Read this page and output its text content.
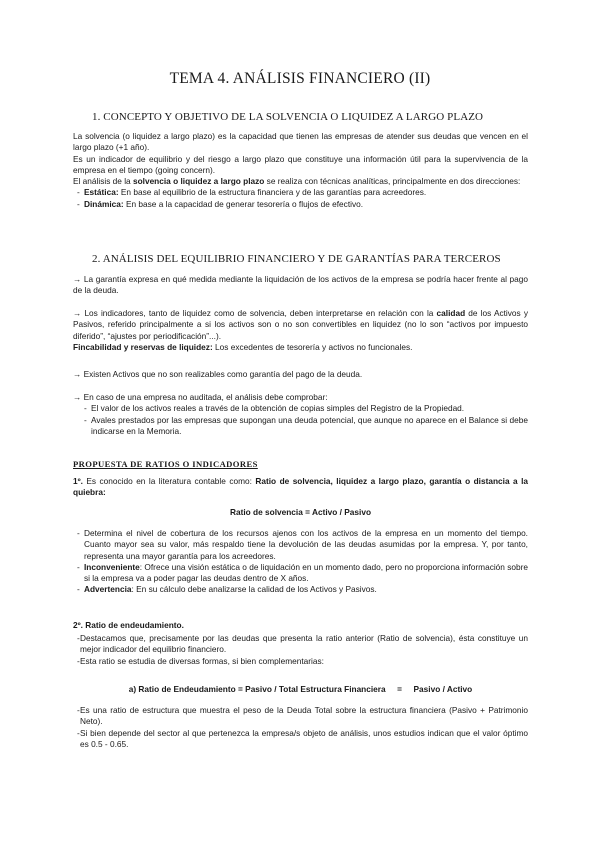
TEMA 4. ANÁLISIS FINANCIERO (II)
1. CONCEPTO Y OBJETIVO DE LA SOLVENCIA O LIQUIDEZ A LARGO PLAZO
La solvencia (o liquidez a largo plazo) es la capacidad que tienen las empresas de atender sus deudas que vencen en el largo plazo (+1 año).
Es un indicador de equilibrio y del riesgo a largo plazo que constituye una información útil para la supervivencia de la empresa en el tiempo (going concern).
El análisis de la solvencia o liquidez a largo plazo se realiza con técnicas analíticas, principalmente en dos direcciones:
- Estática: En base al equilibrio de la estructura financiera y de las garantías para acreedores.
- Dinámica: En base a la capacidad de generar tesorería o flujos de efectivo.
2. ANÁLISIS DEL EQUILIBRIO FINANCIERO Y DE GARANTÍAS PARA TERCEROS
→ La garantía expresa en qué medida mediante la liquidación de los activos de la empresa se podría hacer frente al pago de la deuda.
→ Los indicadores, tanto de liquidez como de solvencia, deben interpretarse en relación con la calidad de los Activos y Pasivos, referido principalmente a si los activos son o no son convertibles en liquidez (no lo son “activos por impuesto diferido”, “ajustes por periodificación”...).
Fincabilidad y reservas de liquidez: Los excedentes de tesorería y activos no funcionales.
→ Existen Activos que no son realizables como garantía del pago de la deuda.
→ En caso de una empresa no auditada, el análisis debe comprobar:
- El valor de los activos reales a través de la obtención de copias simples del Registro de la Propiedad.
- Avales prestados por las empresas que supongan una deuda potencial, que aunque no aparece en el Balance si debe indicarse en la Memoria.
PROPUESTA DE RATIOS O INDICADORES
1º. Es conocido en la literatura contable como: Ratio de solvencia, liquidez a largo plazo, garantía o distancia a la quiebra:
Ratio de solvencia = Activo / Pasivo
- Determina el nivel de cobertura de los recursos ajenos con los activos de la empresa en un momento del tiempo. Cuanto mayor sea su valor, más respaldo tiene la devolución de las deudas asumidas por la empresa. Y, por tanto, representa una mayor garantía para los acreedores.
- Inconveniente: Ofrece una visión estática o de liquidación en un momento dado, pero no proporciona información sobre si la empresa va a poder pagar las deudas dentro de X años.
- Advertencia: En su cálculo debe analizarse la calidad de los Activos y Pasivos.
2º. Ratio de endeudamiento.
- Destacamos que, precisamente por las deudas que presenta la ratio anterior (Ratio de solvencia), ésta constituye un mejor indicador del equilibrio financiero.
- Esta ratio se estudia de diversas formas, si bien complementarias:
a) Ratio de Endeudamiento = Pasivo / Total Estructura Financiera     =     Pasivo / Activo
- Es una ratio de estructura que muestra el peso de la Deuda Total sobre la estructura financiera (Pasivo + Patrimonio Neto).
- Si bien depende del sector al que pertenezca la empresa/s objeto de análisis, unos estudios indican que el valor óptimo es 0.5 - 0.65.
